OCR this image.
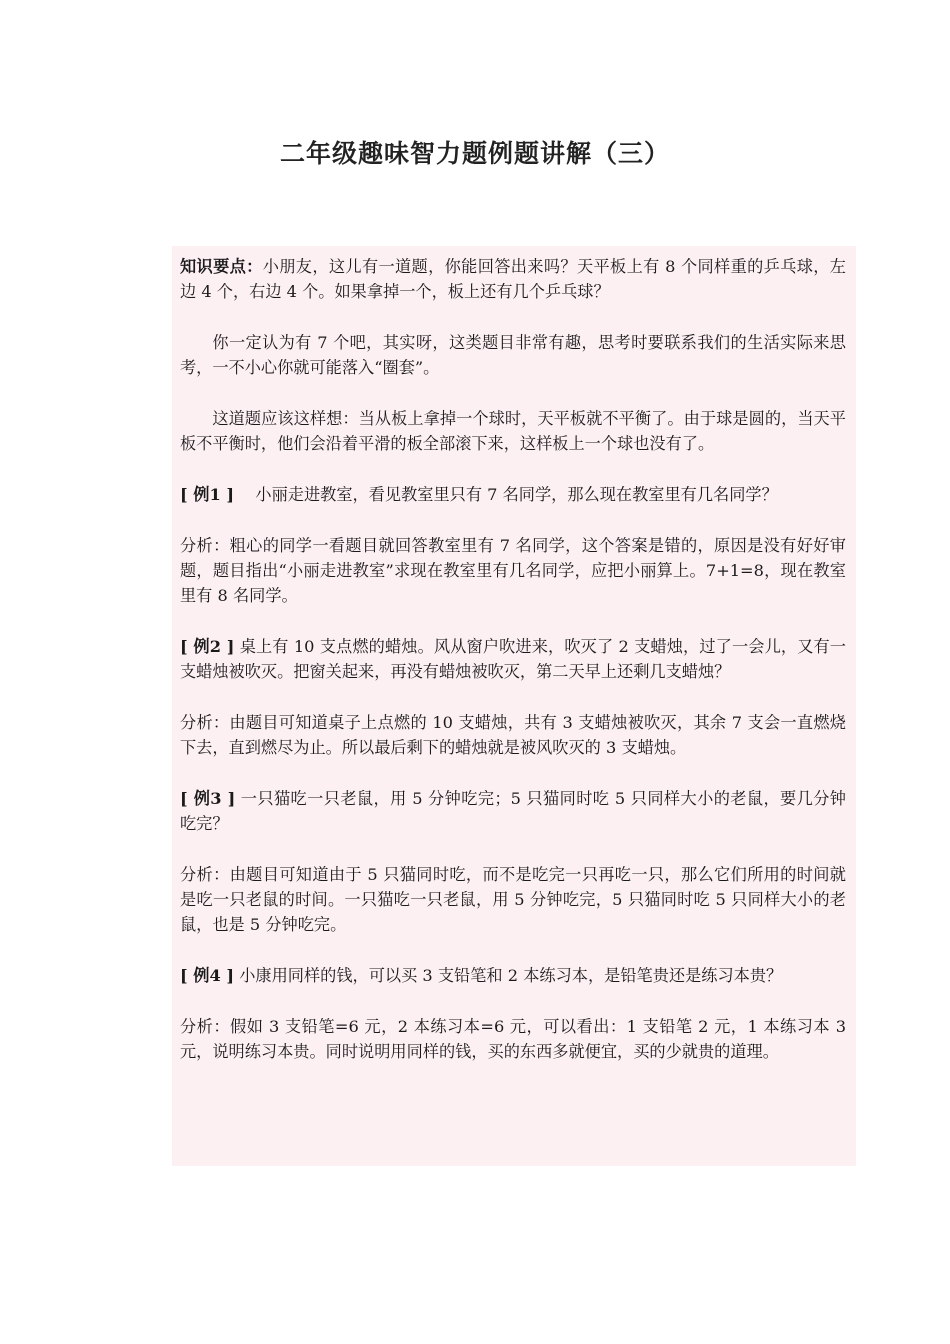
二年级趣味智力题例题讲解（三）

知识要点：小朋友，这儿有一道题，你能回答出来吗？天平板上有 8 个同样重的乒乓球，左边 4 个，右边 4 个。如果拿掉一个，板上还有几个乒乓球？

你一定认为有 7 个吧，其实呀，这类题目非常有趣，思考时要联系我们的生活实际来思考，一不小心你就可能落入“圈套”。

这道题应该这样想：当从板上拿掉一个球时，天平板就不平衡了。由于球是圆的，当天平板不平衡时，他们会沿着平滑的板全部滚下来，这样板上一个球也没有了。

[ 例1 ] 　小丽走进教室，看见教室里只有 7 名同学，那么现在教室里有几名同学？

分析：粗心的同学一看题目就回答教室里有 7 名同学，这个答案是错的，原因是没有好好审题，题目指出“小丽走进教室”求现在教室里有几名同学，应把小丽算上。7+1=8，现在教室里有 8 名同学。

[ 例2 ] 桌上有 10 支点燃的蜡烛。风从窗户吹进来，吹灭了 2 支蜡烛，过了一会儿，又有一支蜡烛被吹灭。把窗关起来，再没有蜡烛被吹灭，第二天早上还剩几支蜡烛？

分析：由题目可知道桌子上点燃的 10 支蜡烛，共有 3 支蜡烛被吹灭，其余 7 支会一直燃烧下去，直到燃尽为止。所以最后剩下的蜡烛就是被风吹灭的 3 支蜡烛。

[ 例3 ] 一只猫吃一只老鼠，用 5 分钟吃完；5 只猫同时吃 5 只同样大小的老鼠，要几分钟吃完？

分析：由题目可知道由于 5 只猫同时吃，而不是吃完一只再吃一只，那么它们所用的时间就是吃一只老鼠的时间。一只猫吃一只老鼠，用 5 分钟吃完，5 只猫同时吃 5 只同样大小的老鼠，也是 5 分钟吃完。

[ 例4 ] 小康用同样的钱，可以买 3 支铅笔和 2 本练习本，是铅笔贵还是练习本贵？

分析：假如 3 支铅笔=6 元，2 本练习本=6 元，可以看出：1 支铅笔 2 元，1 本练习本 3 元，说明练习本贵。同时说明用同样的钱，买的东西多就便宜，买的少就贵的道理。
